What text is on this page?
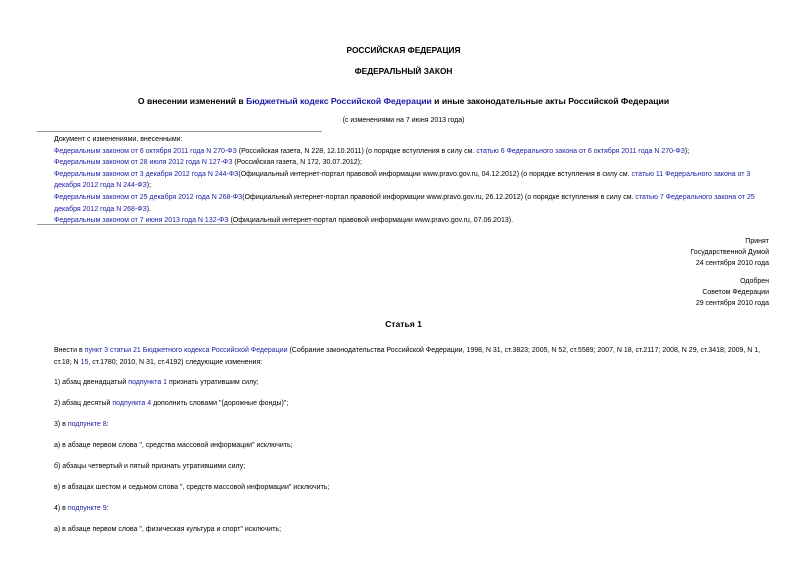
РОССИЙСКАЯ ФЕДЕРАЦИЯ
ФЕДЕРАЛЬНЫЙ ЗАКОН
О внесении изменений в Бюджетный кодекс Российской Федерации и иные законодательные акты Российской Федерации
(с изменениями на 7 июня 2013 года)
Документ с изменениями, внесенными:
Федеральным законом от 6 октября 2011 года N 270-ФЗ (Российская газета, N 228, 12.10.2011) (о порядке вступления в силу см. статью 6 Федерального закона от 6 октября 2011 года N 270-ФЗ);
Федеральным законом от 28 июля 2012 года N 127-ФЗ (Российская газета, N 172, 30.07.2012);
Федеральным законом от 3 декабря 2012 года N 244-ФЗ(Официальный интернет-портал правовой информации www.pravo.gov.ru, 04.12.2012) (о порядке вступления в силу см. статью 11 Федерального закона от 3 декабря 2012 года N 244-ФЗ);
Федеральным законом от 25 декабря 2012 года N 268-ФЗ(Официальный интернет-портал правовой информации www.pravo.gov.ru, 26.12.2012) (о порядке вступления в силу см. статью 7 Федерального закона от 25 декабря 2012 года N 268-ФЗ).
Федеральным законом от 7 июня 2013 года N 132-ФЗ (Официальный интернет-портал правовой информации www.pravo.gov.ru, 07.06.2013).
Принят
Государственной Думой
24 сентября 2010 года
Одобрен
Советом Федерации
29 сентября 2010 года
Статья 1
Внести в пункт 3 статьи 21 Бюджетного кодекса Российской Федерации (Собрание законодательства Российской Федерации, 1998, N 31, ст.3823; 2005, N 52, ст.5589; 2007, N 18, ст.2117; 2008, N 29, ст.3418; 2009, N 1, ст.18; N 15, ст.1780; 2010, N 31, ст.4192) следующие изменения:
1) абзац двенадцатый подпункта 1 признать утратившим силу;
2) абзац десятый подпункта 4 дополнить словами "(дорожные фонды)";
3) в подпункте 8:
а) в абзаце первом слова ", средства массовой информации" исключить;
б) абзацы четвертый и пятый признать утратившими силу;
в) в абзацах шестом и седьмом слова ", средств массовой информации" исключить;
4) в подпункте 9:
а) в абзаце первом слова ", физическая культура и спорт" исключить;
